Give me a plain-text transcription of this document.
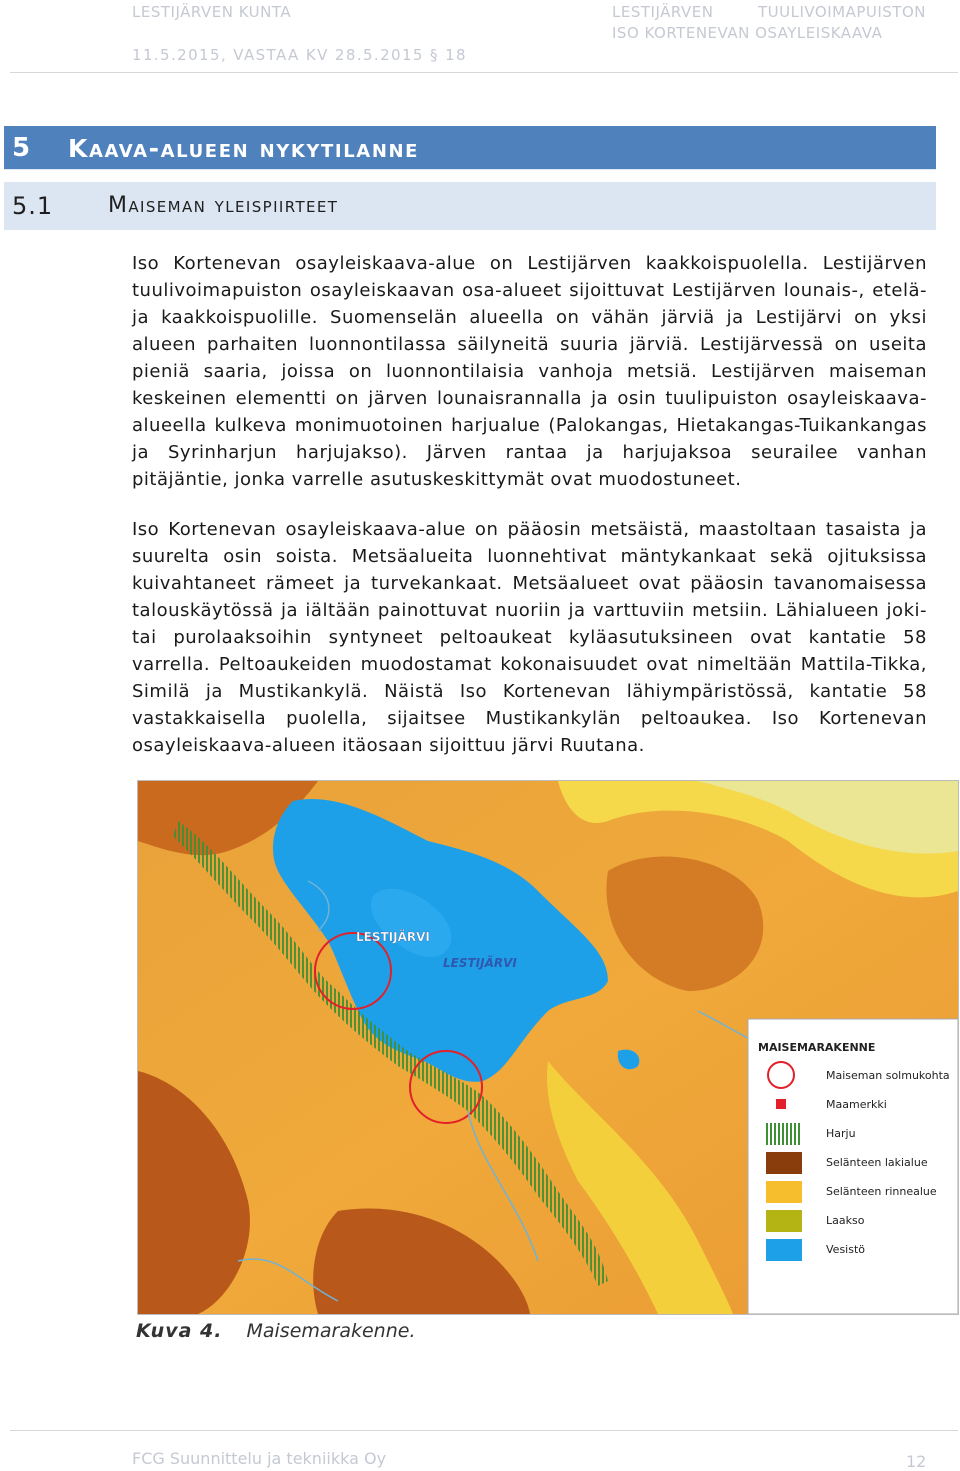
LESTIJÄRVEN KUNTA
11.5.2015, VASTAA KV 28.5.2015 § 18
LESTIJÄRVEN	TUULIVOIMAPUISTON
ISO KORTENEVAN OSAYLEISKAAVA
5 Kaava-alueen nykytilanne
5.1 Maiseman yleispiirteet

Iso Kortenevan osayleiskaava-alue on Lestijärven kaakkoispuolella. Lestijärven tuulivoimapuiston osayleiskaavan osa-alueet sijoittuvat Lestijärven lounais-, etelä- ja kaakkoispuolille. Suomenselän alueella on vähän järviä ja Lestijärvi on yksi alueen parhaiten luonnontilassa säilyneitä suuria järviä. Lestijärvessä on useita pieniä saaria, joissa on luonnontilaisia vanhoja metsiä. Lestijärven maiseman keskeinen elementti on järven lounaisrannalla ja osin tuulipuiston osayleiskaava-alueella kulkeva monimuotoinen harjualue (Palokangas, Hietakangas-Tuikankangas ja Syrinharjun harjujakso). Järven rantaa ja harjujaksoa seurailee vanhan pitäjäntie, jonka varrelle asutuskeskittymät ovat muodostuneet.

Iso Kortenevan osayleiskaava-alue on pääosin metsäistä, maastoltaan tasaista ja suurelta osin soista. Metsäalueita luonnehtivat mäntykankaat sekä ojituksissa kuivahtaneet rämeet ja turvekankaat. Metsäalueet ovat pääosin tavanomaisessa talouskäytössä ja iältään painottuvat nuoriin ja varttuviin metsiin. Lähialueen joki- tai purolaaksoihin syntyneet peltoaukeat kyläasutuksineen ovat kantatie 58 varrella. Peltoaukeiden muodostamat kokonaisuudet ovat nimeltään Mattila-Tikka, Similä ja Mustikankylä. Näistä Iso Kortenevan lähiympäristössä, kantatie 58 vastakkaisella puolella, sijaitsee Mustikankylän peltoaukea. Iso Kortenevan osayleiskaava-alueen itäosaan sijoittuu järvi Ruutana.

LESTIJÄRVI
LESTIJÄRVI
MAISEMARAKENNE
Maiseman solmukohta
Maamerkki
Harju
Selänteen lakialue
Selänteen rinnealue
Laakso
Vesistö
Kuva 4. Maisemarakenne.
FCG Suunnittelu ja tekniikka Oy	12
